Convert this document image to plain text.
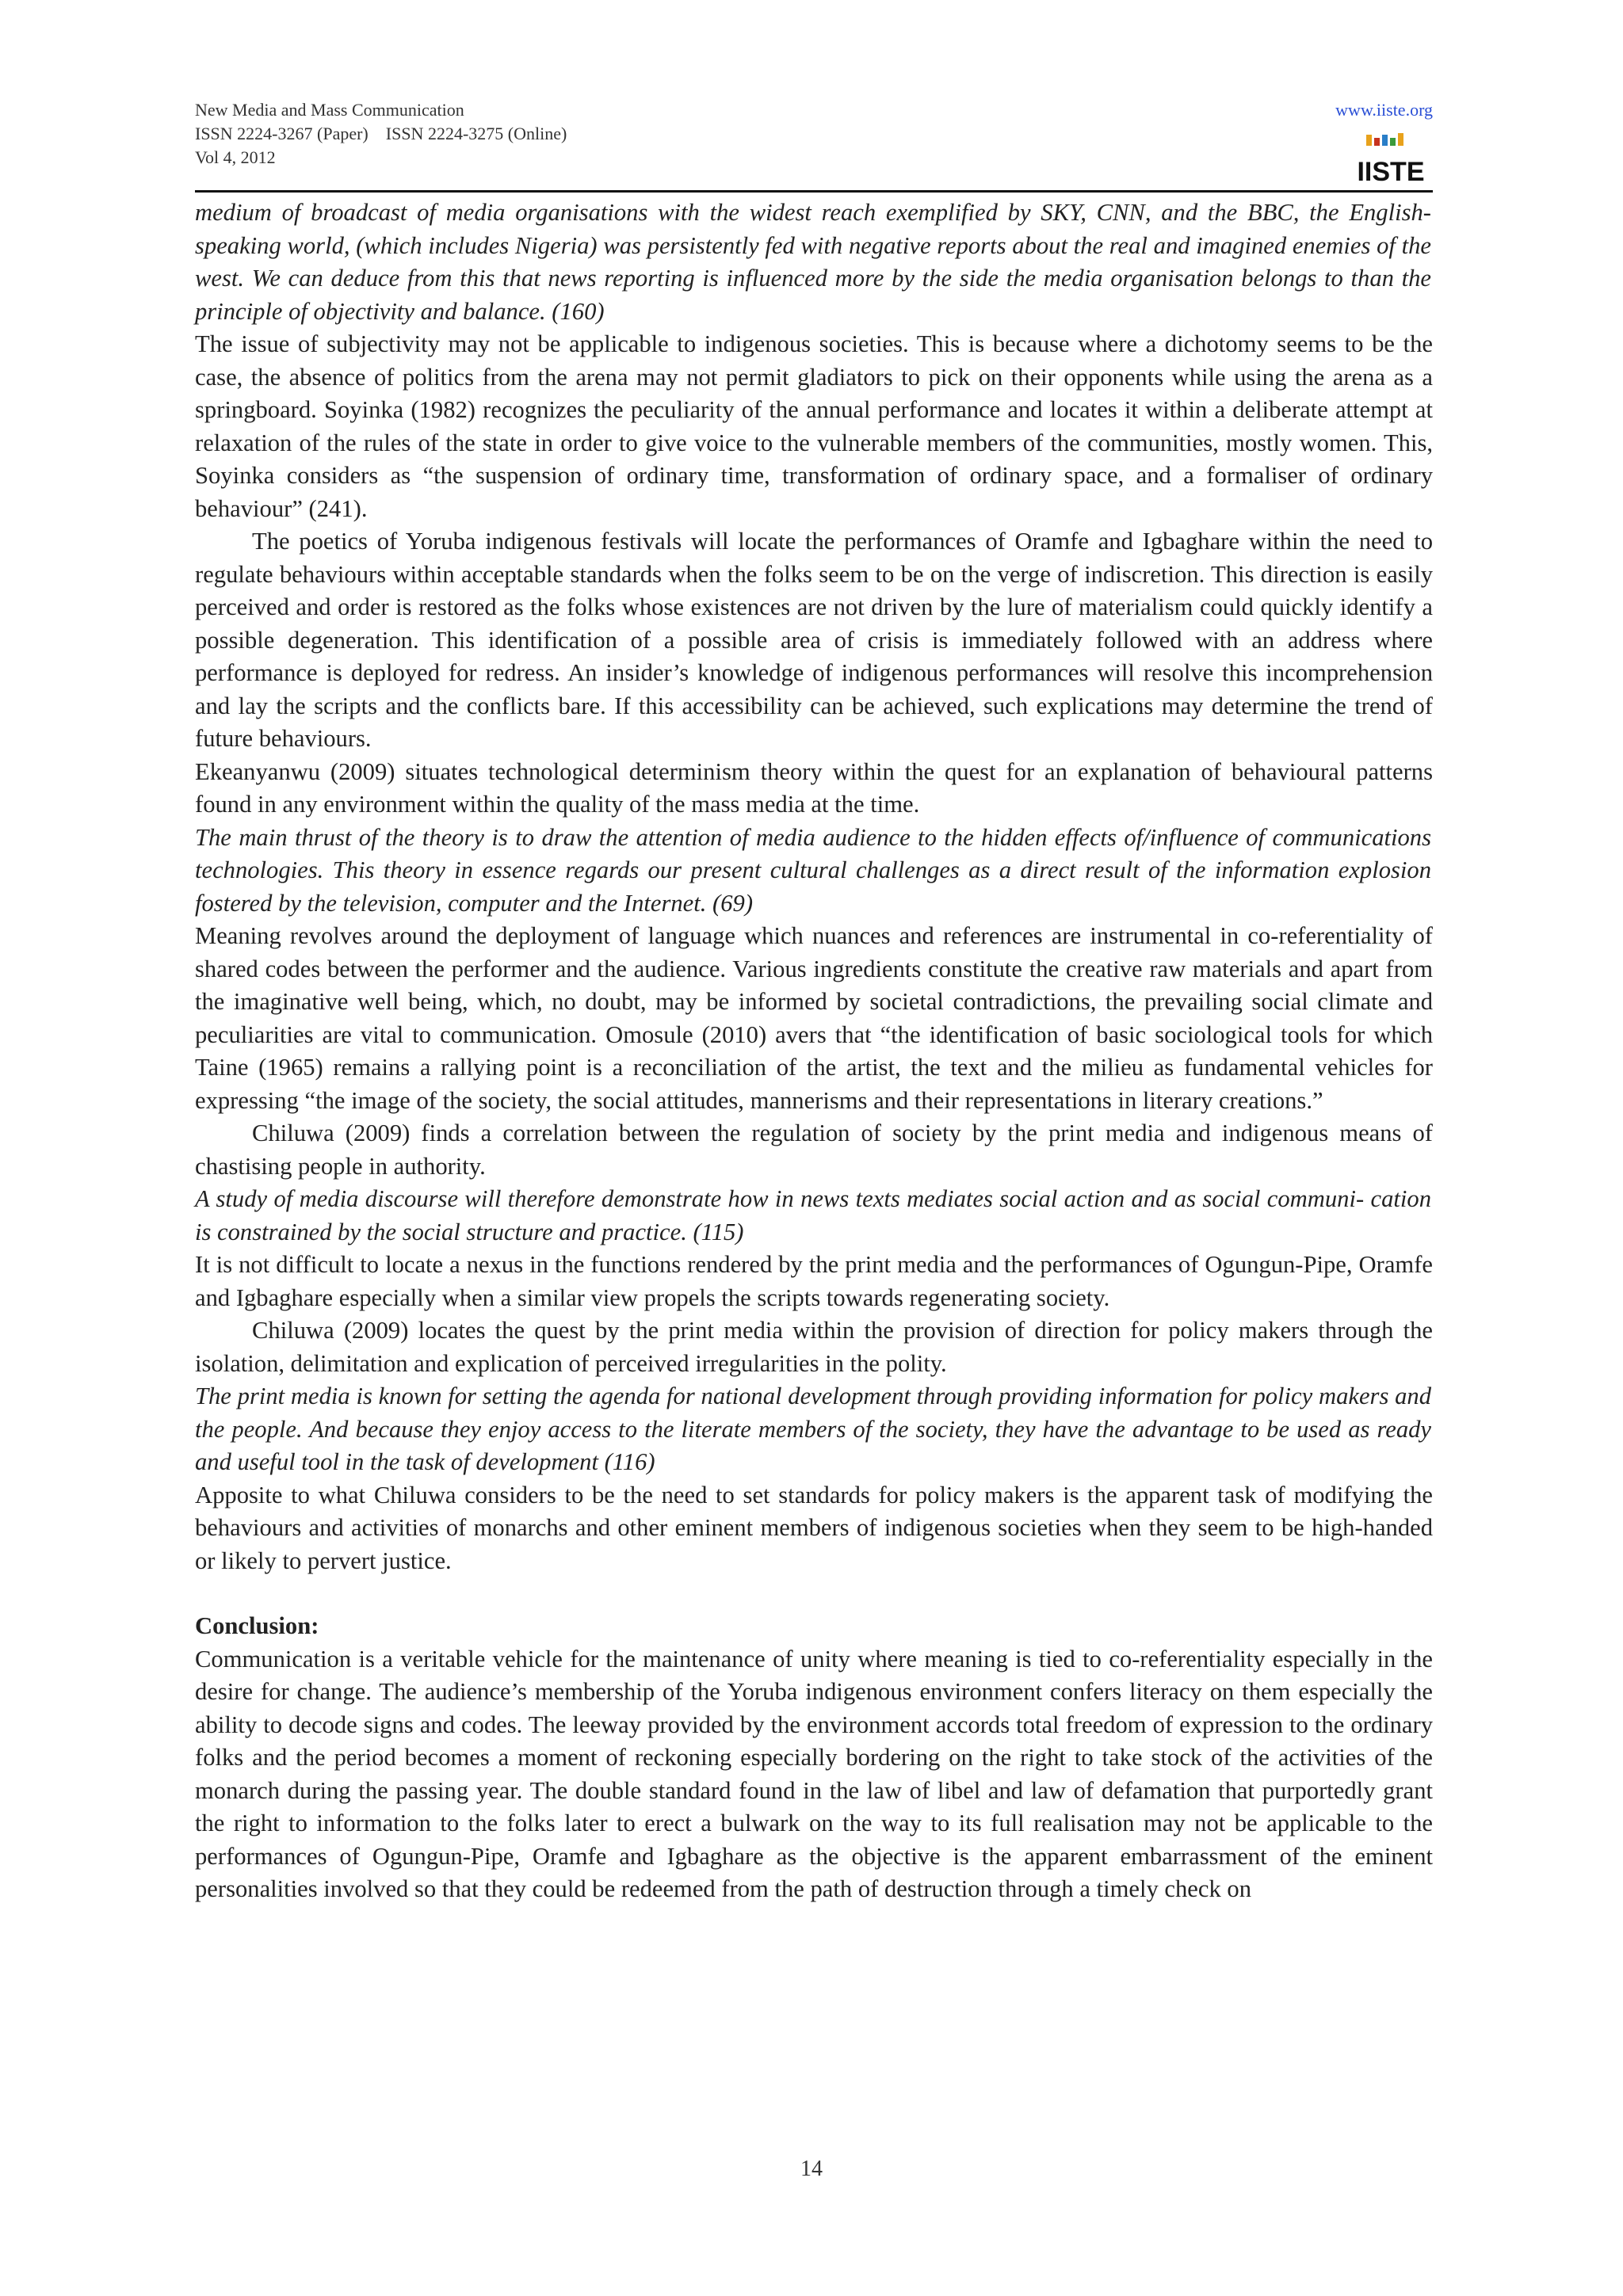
New Media and Mass Communication
ISSN 2224-3267 (Paper)    ISSN 2224-3275 (Online)
Vol 4, 2012
www.iiste.org
IISTE

medium of broadcast of media organisations with the widest reach exemplified by SKY, CNN, and the BBC, the English-speaking world, (which includes Nigeria) was persistently fed with negative reports about the real and imagined enemies of the west. We can deduce from this that news reporting is influenced more by the side the media organisation belongs to than the principle of objectivity and balance. (160)

The issue of subjectivity may not be applicable to indigenous societies. This is because where a dichotomy seems to be the case, the absence of politics from the arena may not permit gladiators to pick on their opponents while using the arena as a springboard. Soyinka (1982) recognizes the peculiarity of the annual performance and locates it within a deliberate attempt at relaxation of the rules of the state in order to give voice to the vulnerable members of the communities, mostly women. This, Soyinka considers as “the suspension of ordinary time, transformation of ordinary space, and a formaliser of ordinary behaviour” (241).

The poetics of Yoruba indigenous festivals will locate the performances of Oramfe and Igbaghare within the need to regulate behaviours within acceptable standards when the folks seem to be on the verge of indiscretion. This direction is easily perceived and order is restored as the folks whose existences are not driven by the lure of materialism could quickly identify a possible degeneration. This identification of a possible area of crisis is immediately followed with an address where performance is deployed for redress. An insider’s knowledge of indigenous performances will resolve this incomprehension and lay the scripts and the conflicts bare. If this accessibility can be achieved, such explications may determine the trend of future behaviours.

Ekeanyanwu (2009) situates technological determinism theory within the quest for an explanation of behavioural patterns found in any environment within the quality of the mass media at the time.

The main thrust of the theory is to draw the attention of media audience to the hidden effects of/influence of communications technologies. This theory in essence regards our present cultural challenges as a direct result of the information explosion fostered by the television, computer and the Internet. (69)

Meaning revolves around the deployment of language which nuances and references are instrumental in co-referentiality of shared codes between the performer and the audience. Various ingredients constitute the creative raw materials and apart from the imaginative well being, which, no doubt, may be informed by societal contradictions, the prevailing social climate and peculiarities are vital to communication. Omosule (2010) avers that “the identification of basic sociological tools for which Taine (1965) remains a rallying point is a reconciliation of the artist, the text and the milieu as fundamental vehicles for expressing “the image of the society, the social attitudes, mannerisms and their representations in literary creations.”

Chiluwa (2009) finds a correlation between the regulation of society by the print media and indigenous means of chastising people in authority.

A study of media discourse will therefore demonstrate how in news texts mediates social action and as social communi- cation is constrained by the social structure and practice. (115)

It is not difficult to locate a nexus in the functions rendered by the print media and the performances of Ogungun-Pipe, Oramfe and Igbaghare especially when a similar view propels the scripts towards regenerating society.

Chiluwa (2009) locates the quest by the print media within the provision of direction for policy makers through the isolation, delimitation and explication of perceived irregularities in the polity.

The print media is known for setting the agenda for national development through providing information for policy makers and the people. And because they enjoy access to the literate members of the society, they have the advantage to be used as ready and useful tool in the task of development (116)

Apposite to what Chiluwa considers to be the need to set standards for policy makers is the apparent task of modifying the behaviours and activities of monarchs and other eminent members of indigenous societies when they seem to be high-handed or likely to pervert justice.

Conclusion:

Communication is a veritable vehicle for the maintenance of unity where meaning is tied to co-referentiality especially in the desire for change. The audience’s membership of the Yoruba indigenous environment confers literacy on them especially the ability to decode signs and codes. The leeway provided by the environment accords total freedom of expression to the ordinary folks and the period becomes a moment of reckoning especially bordering on the right to take stock of the activities of the monarch during the passing year. The double standard found in the law of libel and law of defamation that purportedly grant the right to information to the folks later to erect a bulwark on the way to its full realisation may not be applicable to the performances of Ogungun-Pipe, Oramfe and Igbaghare as the objective is the apparent embarrassment of the eminent personalities involved so that they could be redeemed from the path of destruction through a timely check on

14
